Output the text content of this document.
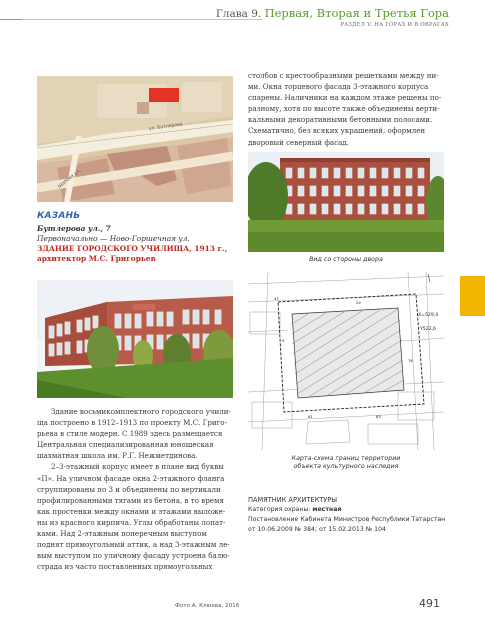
Глава 9. Первая, Вторая и Третья Гора
РАЗДЕЛ V. НА ГОРАХ И В ОВРАГАХ
ул. Бутлерова
Щапова ул.
КАЗАНЬ
Бутлерова ул., 7
Первоначально — Ново-Горшечная ул.
ЗДАНИЕ ГОРОДСКОГО УЧИЛИЩА, 1913 г.,
архитектор М.С. Григорьев

Здание восьмикомплектного городского учили-

ща построено в 1912–1913 по проекту М.С. Григо-

рьева в стиле модерн. С 1989 здесь размещается

Центральная специализированная юношеская

шахматная школа им. Р.Г. Нежметдинова.

2–3-этажный корпус имеет в плане вид буквы

«П». На уличном фасаде окна 2-этажного флангa

сгруппированы по 3 и объединены по вертикали

профилированными тягами из бетона, в то время

как простенки между окнами и этажами выложе-

ны из красного кирпича. Углы обработаны лопат-

ками. Над 2-этажным поперечным выступом

поднят прямоугольный аттик, а над 3-этажным ле-

вым выступом по уличному фасаду устроена балю-

страда из часто поставленных прямоугольных

столбов с крестообразными решетками между ни-

ми. Окна торцевого фасада 3-этажного корпуса

спарены. Наличники на каждом этаже решены по-

разному, хотя по высоте также объединены верти-

кальными декоративными бетонными полосами.

Схематично, без всяких украшений, оформлен

дворовый северный фасад.

Вид со стороны двора
24
47
9
76
61	83
Х=529,4
Y522,6
Карта-схема границ территории
объекта культурного наследия
ПАМЯТНИК АРХИТЕКТУРЫ
Категория охраны: местная
Постановление Кабинета Министров Республики Татарстан
от 10.06.2009 № 384; от 15.02.2013 № 104
Фото А. Клюева, 2016	491
